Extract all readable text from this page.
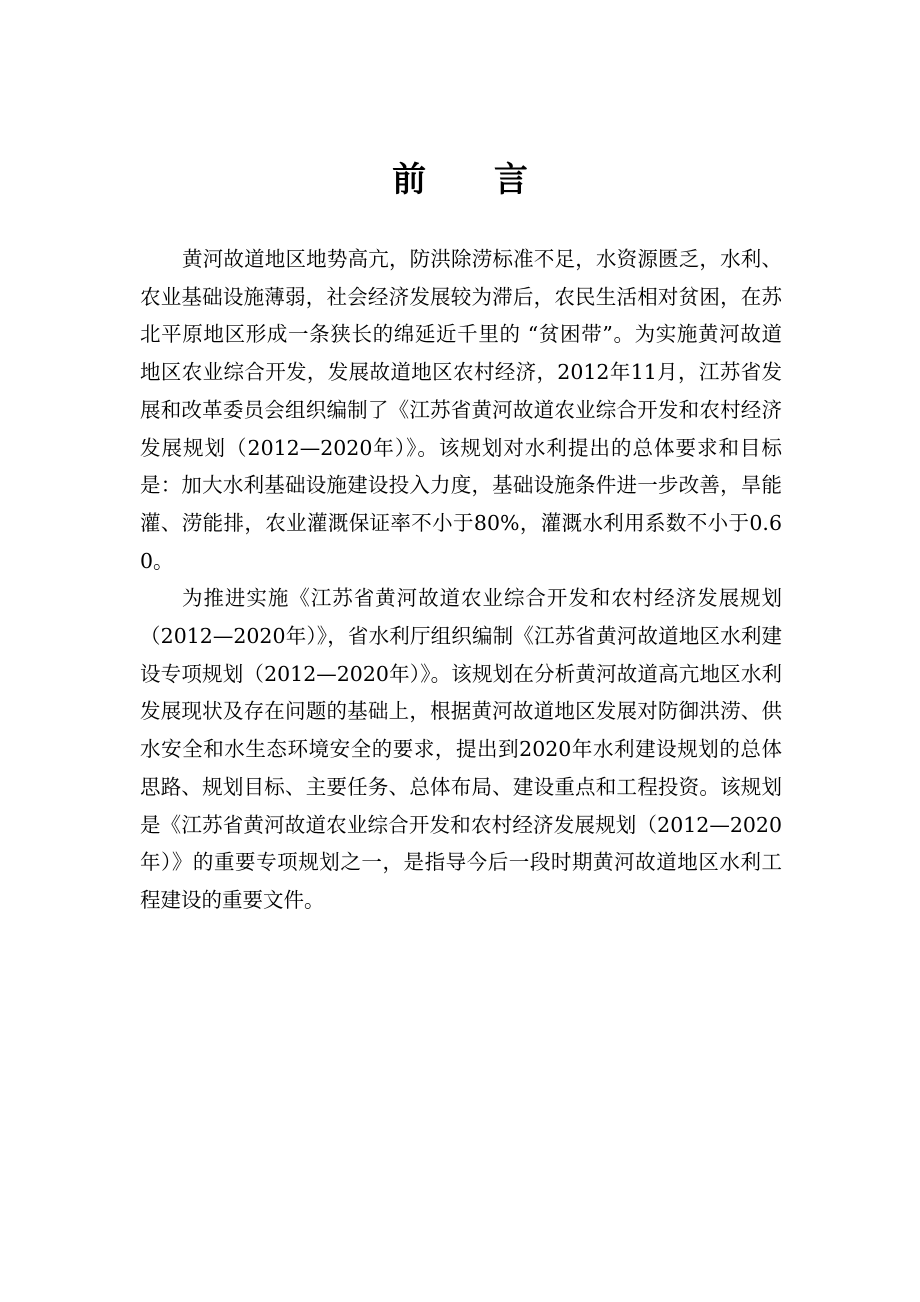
前 言

黄河故道地区地势高亢，防洪除涝标准不足，水资源匮乏，水利、农业基础设施薄弱，社会经济发展较为滞后，农民生活相对贫困，在苏北平原地区形成一条狭长的绵延近千里的 “贫困带”。为实施黄河故道地区农业综合开发，发展故道地区农村经济，2012年11月，江苏省发展和改革委员会组织编制了《江苏省黄河故道农业综合开发和农村经济发展规划（2012—2020年）》。该规划对水利提出的总体要求和目标是：加大水利基础设施建设投入力度，基础设施条件进一步改善，旱能灌、涝能排，农业灌溉保证率不小于80%，灌溉水利用系数不小于0.60。

为推进实施《江苏省黄河故道农业综合开发和农村经济发展规划（2012—2020年）》，省水利厅组织编制《江苏省黄河故道地区水利建设专项规划（2012—2020年）》。该规划在分析黄河故道高亢地区水利发展现状及存在问题的基础上，根据黄河故道地区发展对防御洪涝、供水安全和水生态环境安全的要求，提出到2020年水利建设规划的总体思路、规划目标、主要任务、总体布局、建设重点和工程投资。该规划是《江苏省黄河故道农业综合开发和农村经济发展规划（2012—2020年）》的重要专项规划之一，是指导今后一段时期黄河故道地区水利工程建设的重要文件。
